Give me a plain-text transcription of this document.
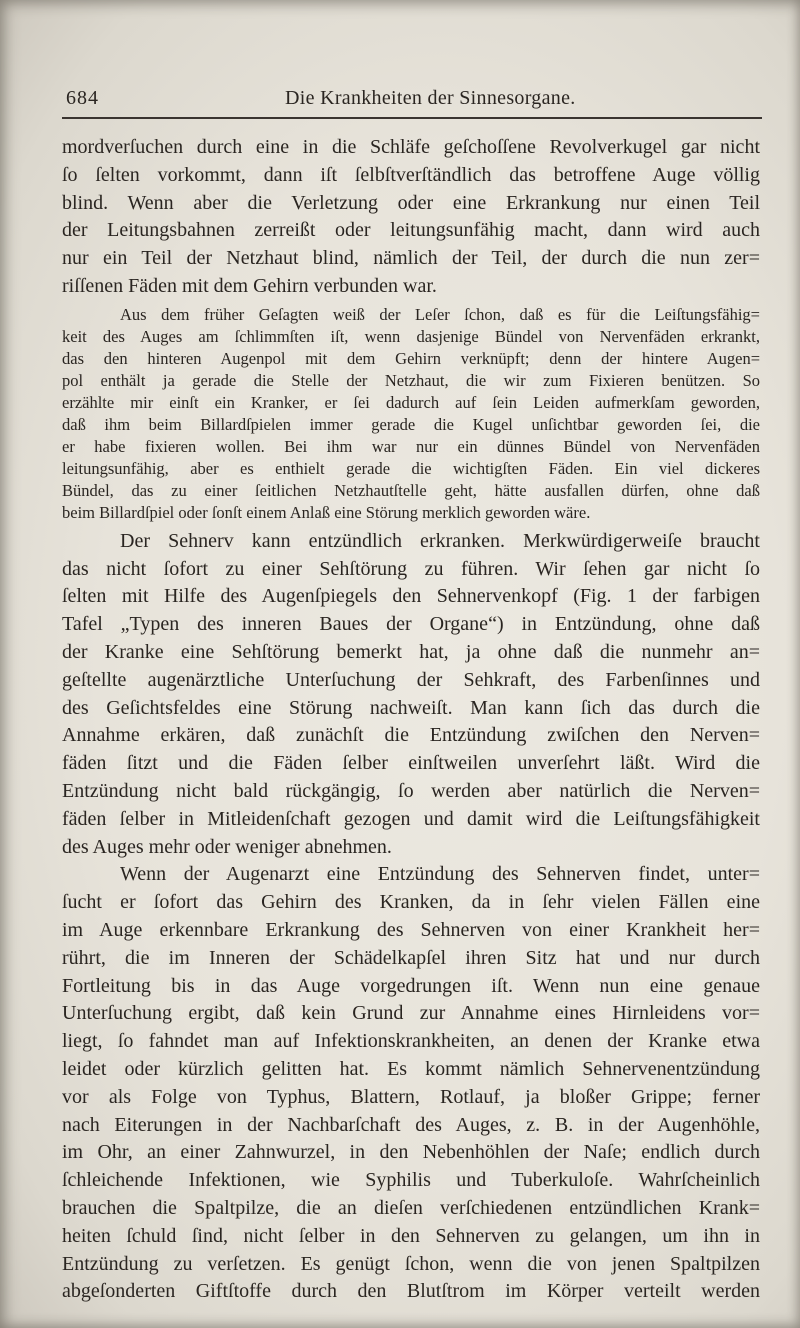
684	Die Krankheiten der Sinnesorgane.
mordverſuchen durch eine in die Schläfe geſchoſſene Revolverkugel gar nicht
ſo ſelten vorkommt, dann iſt ſelbſtverſtändlich das betroffene Auge völlig
blind. Wenn aber die Verletzung oder eine Erkrankung nur einen Teil
der Leitungsbahnen zerreißt oder leitungsunfähig macht, dann wird auch
nur ein Teil der Netzhaut blind, nämlich der Teil, der durch die nun zer=
riſſenen Fäden mit dem Gehirn verbunden war.
Aus dem früher Geſagten weiß der Leſer ſchon, daß es für die Leiſtungsfähig=
keit des Auges am ſchlimmſten iſt, wenn dasjenige Bündel von Nervenfäden erkrankt,
das den hinteren Augenpol mit dem Gehirn verknüpft; denn der hintere Augen=
pol enthält ja gerade die Stelle der Netzhaut, die wir zum Fixieren benützen. So
erzählte mir einſt ein Kranker, er ſei dadurch auf ſein Leiden aufmerkſam geworden,
daß ihm beim Billardſpielen immer gerade die Kugel unſichtbar geworden ſei, die
er habe fixieren wollen. Bei ihm war nur ein dünnes Bündel von Nervenfäden
leitungsunfähig, aber es enthielt gerade die wichtigſten Fäden. Ein viel dickeres
Bündel, das zu einer ſeitlichen Netzhautſtelle geht, hätte ausfallen dürfen, ohne daß
beim Billardſpiel oder ſonſt einem Anlaß eine Störung merklich geworden wäre.
Der Sehnerv kann entzündlich erkranken. Merkwürdigerweiſe braucht
das nicht ſofort zu einer Sehſtörung zu führen. Wir ſehen gar nicht ſo
ſelten mit Hilfe des Augenſpiegels den Sehnervenkopf (Fig. 1 der farbigen
Tafel „Typen des inneren Baues der Organe“) in Entzündung, ohne daß
der Kranke eine Sehſtörung bemerkt hat, ja ohne daß die nunmehr an=
geſtellte augenärztliche Unterſuchung der Sehkraft, des Farbenſinnes und
des Geſichtsfeldes eine Störung nachweiſt. Man kann ſich das durch die
Annahme erkären, daß zunächſt die Entzündung zwiſchen den Nerven=
fäden ſitzt und die Fäden ſelber einſtweilen unverſehrt läßt. Wird die
Entzündung nicht bald rückgängig, ſo werden aber natürlich die Nerven=
fäden ſelber in Mitleidenſchaft gezogen und damit wird die Leiſtungsfähigkeit
des Auges mehr oder weniger abnehmen.
Wenn der Augenarzt eine Entzündung des Sehnerven findet, unter=
ſucht er ſofort das Gehirn des Kranken, da in ſehr vielen Fällen eine
im Auge erkennbare Erkrankung des Sehnerven von einer Krankheit her=
rührt, die im Inneren der Schädelkapſel ihren Sitz hat und nur durch
Fortleitung bis in das Auge vorgedrungen iſt. Wenn nun eine genaue
Unterſuchung ergibt, daß kein Grund zur Annahme eines Hirnleidens vor=
liegt, ſo fahndet man auf Infektionskrankheiten, an denen der Kranke etwa
leidet oder kürzlich gelitten hat. Es kommt nämlich Sehnervenentzündung
vor als Folge von Typhus, Blattern, Rotlauf, ja bloßer Grippe; ferner
nach Eiterungen in der Nachbarſchaft des Auges, z. B. in der Augenhöhle,
im Ohr, an einer Zahnwurzel, in den Nebenhöhlen der Naſe; endlich durch
ſchleichende Infektionen, wie Syphilis und Tuberkuloſe. Wahrſcheinlich
brauchen die Spaltpilze, die an dieſen verſchiedenen entzündlichen Krank=
heiten ſchuld ſind, nicht ſelber in den Sehnerven zu gelangen, um ihn in
Entzündung zu verſetzen. Es genügt ſchon, wenn die von jenen Spaltpilzen
abgeſonderten Giftſtoffe durch den Blutſtrom im Körper verteilt werden
